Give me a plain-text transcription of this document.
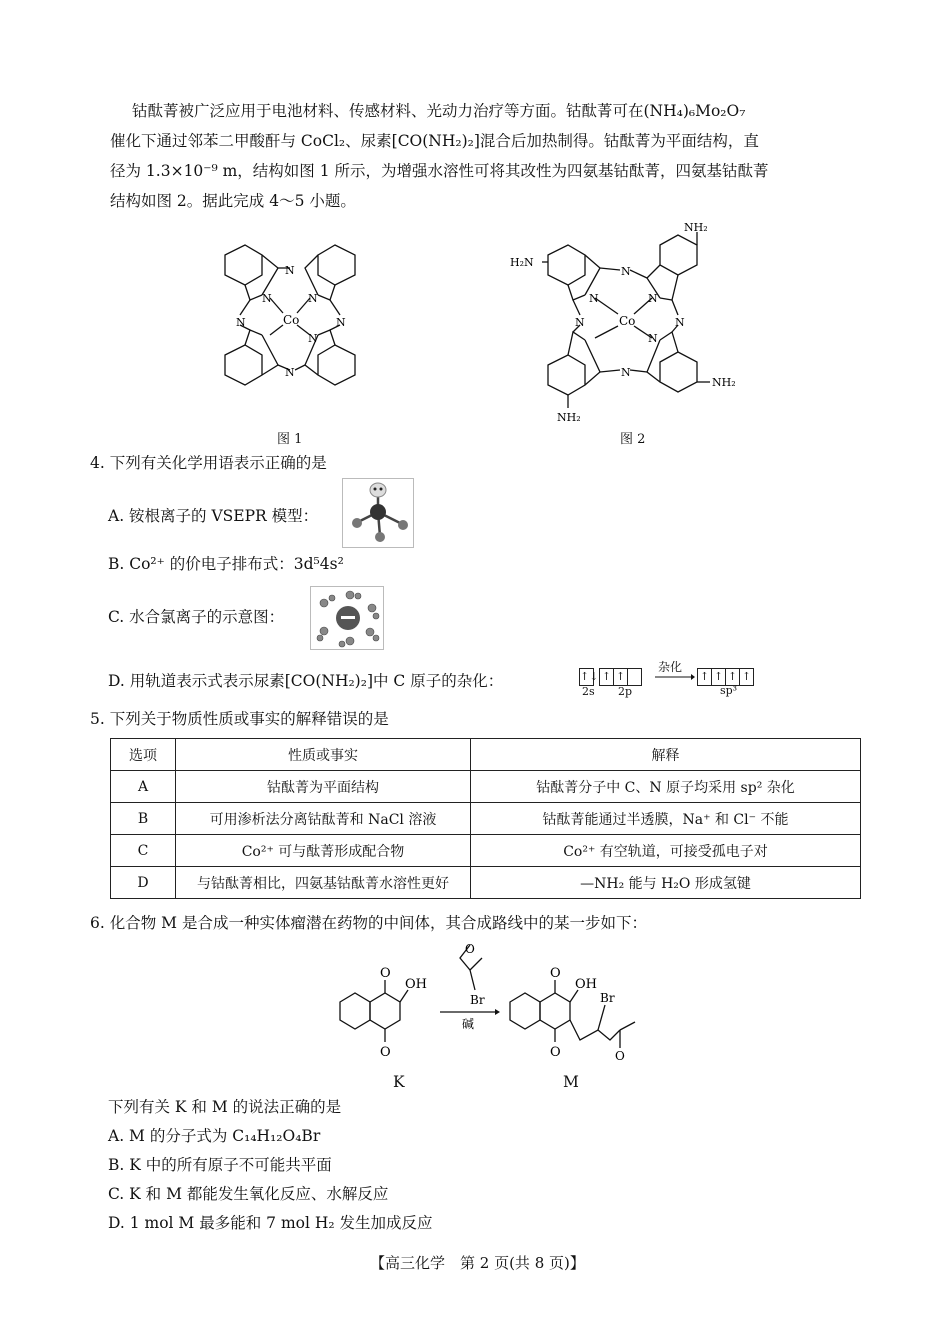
钴酞菁被广泛应用于电池材料、传感材料、光动力治疗等方面。钴酞菁可在(NH₄)₆Mo₂O₇
催化下通过邻苯二甲酸酐与 CoCl₂、尿素[CO(NH₂)₂]混合后加热制得。钴酞菁为平面结构，直
径为 1.3×10⁻⁹ m，结构如图 1 所示，为增强水溶性可将其改性为四氨基钴酞菁，四氨基钴酞菁
结构如图 2。据此完成 4～5 小题。
Co
N
N	N
N
N	N
N
图 1
Co
NH₂
H₂N
NH₂
NH₂
N
N	N
N
N	N
N
图 2
4. 下列有关化学用语表示正确的是
A. 铵根离子的 VSEPR 模型：
B. Co²⁺ 的价电子排布式：3d⁵4s²
C. 水合氯离子的示意图：
D. 用轨道表示式表示尿素[CO(NH₂)₂]中 C 原子的杂化：	↑↓ ↑ ↑
2s 2p
杂化
↑ ↑ ↑ ↑
sp³
5. 下列关于物质性质或事实的解释错误的是
选项	性质或事实	解释
A	钴酞菁为平面结构	钴酞菁分子中 C、N 原子均采用 sp² 杂化
B	可用渗析法分离钴酞菁和 NaCl 溶液	钴酞菁能通过半透膜，Na⁺ 和 Cl⁻ 不能
C	Co²⁺ 可与酞菁形成配合物	Co²⁺ 有空轨道，可接受孤电子对
D	与钴酞菁相比，四氨基钴酞菁水溶性更好	—NH₂ 能与 H₂O 形成氢键
6. 化合物 M 是合成一种实体瘤潜在药物的中间体，其合成路线中的某一步如下：
O
O
OH
O
Br
碱
O
O
OH
Br
O
K	M
下列有关 K 和 M 的说法正确的是
A. M 的分子式为 C₁₄H₁₂O₄Br
B. K 中的所有原子不可能共平面
C. K 和 M 都能发生氧化反应、水解反应
D. 1 mol M 最多能和 7 mol H₂ 发生加成反应
【高三化学　第 2 页(共 8 页)】
